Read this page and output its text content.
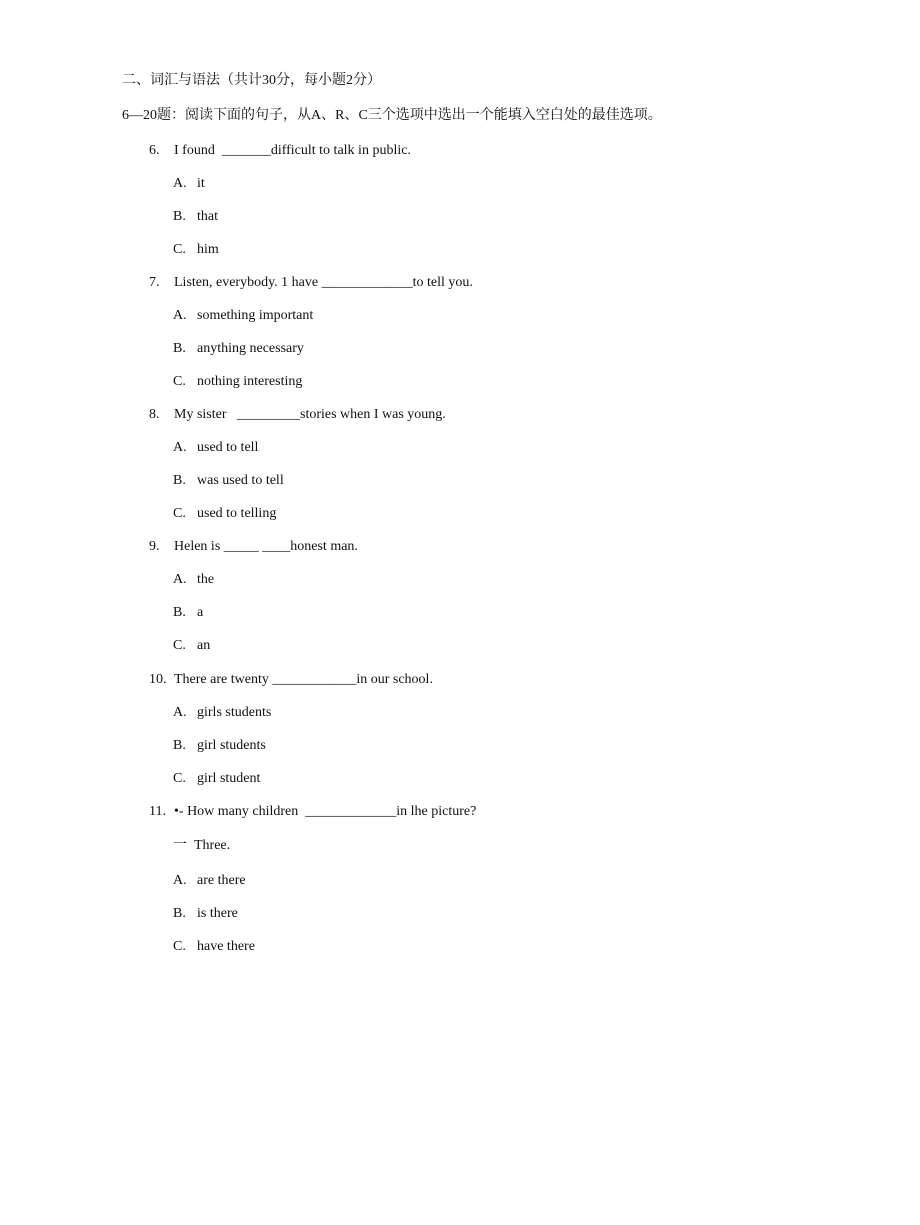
二、词汇与语法（共计30分，每小题2分）
6—20题：阅读下面的句子，从A、R、C三个选项中选出一个能填入空白处的最佳选项。
6. I found  _______difficult to talk in public.
A. it
B. that
C. him
7. Listen, everybody. 1 have _____________to tell you.
A. something important
B. anything necessary
C. nothing interesting
8. My sister   _________stories when I was young.
A. used to tell
B. was used to tell
C. used to telling
9. Helen is _____ ____honest man.
A. the
B. a
C. an
10. There are twenty ____________in our school.
A. girls students
B. girl students
C. girl student
11. •- How many children  _____________in lhe picture?
一  Three.
A. are there
B. is there
C. have there
